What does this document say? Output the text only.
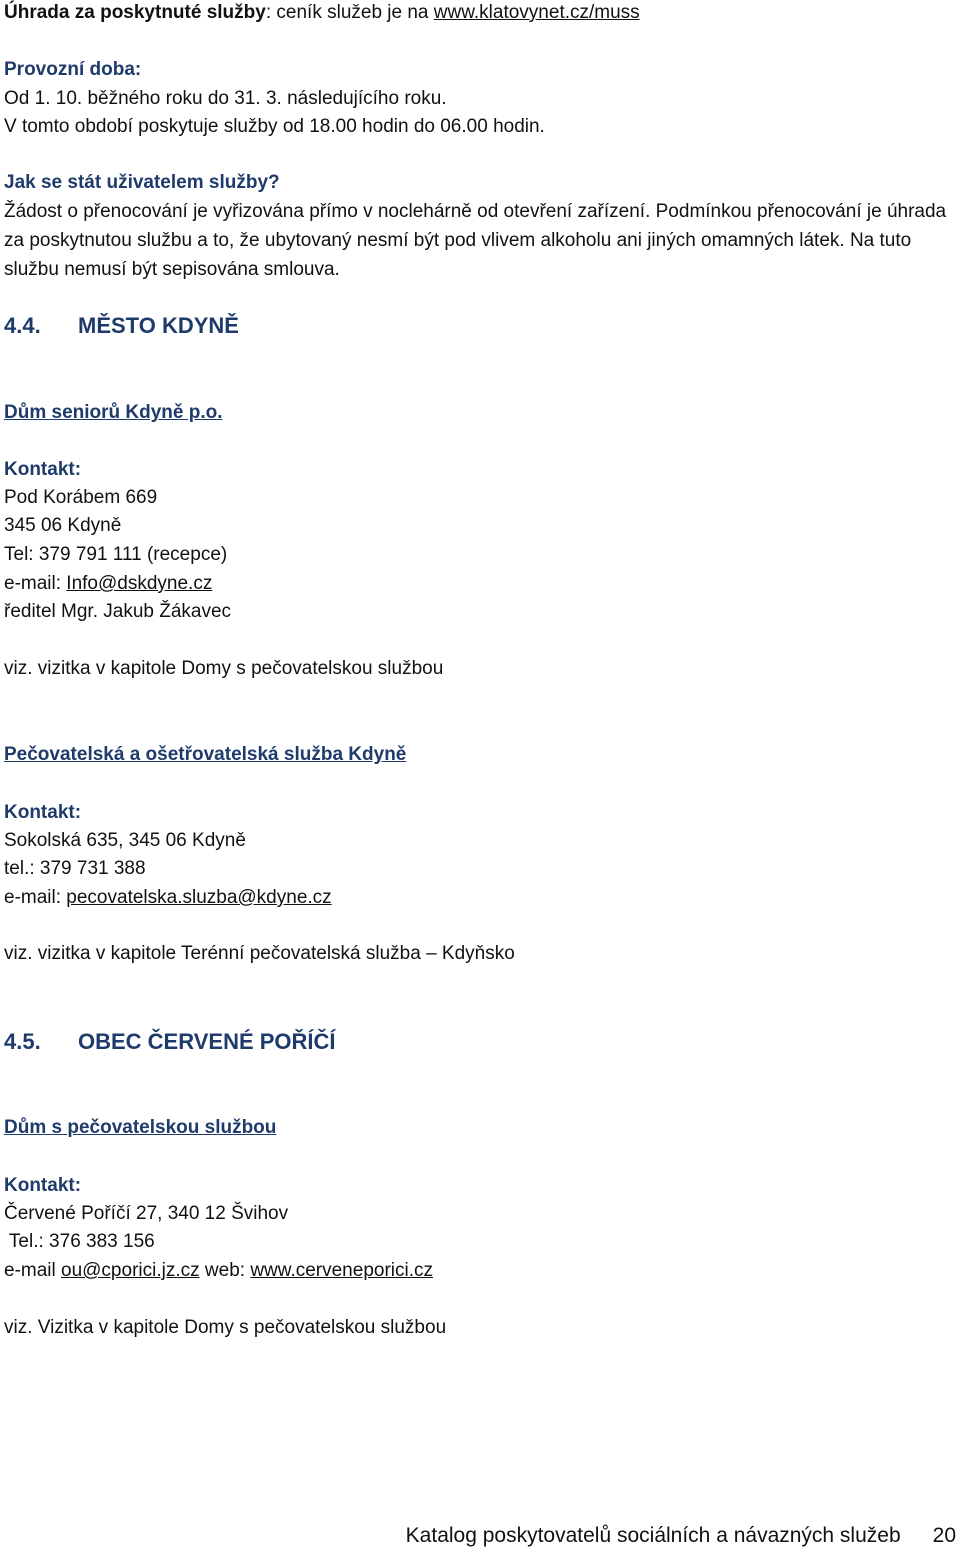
Úhrada za poskytnuté služby: ceník služeb je na www.klatovynet.cz/muss
Provozní doba:
Od 1. 10. běžného roku do 31. 3. následujícího roku.
V tomto období poskytuje služby od 18.00 hodin do 06.00 hodin.
Jak se stát uživatelem služby?
Žádost o přenocování je vyřizována přímo v noclehárně od otevření zařízení. Podmínkou přenocování je úhrada za poskytnutou službu a to, že ubytovaný nesmí být pod vlivem alkoholu ani jiných omamných látek. Na tuto službu nemusí být sepisována smlouva.
4.4. MĚSTO KDYNĚ
Dům seniorů Kdyně p.o.
Kontakt:
Pod Korábem 669
345 06 Kdyně
Tel: 379 791 111 (recepce)
e-mail: Info@dskdyne.cz
ředitel Mgr. Jakub Žákavec
viz. vizitka v kapitole Domy s pečovatelskou službou
Pečovatelská a ošetřovatelská služba Kdyně
Kontakt:
Sokolská 635, 345 06 Kdyně
tel.: 379 731 388
e-mail: pecovatelska.sluzba@kdyne.cz
viz. vizitka v kapitole Terénní pečovatelská služba – Kdyňsko
4.5. OBEC ČERVENÉ POŘÍČÍ
Dům s pečovatelskou službou
Kontakt:
Červené Poříčí 27, 340 12 Švihov
Tel.: 376 383 156
e-mail ou@cporici.jz.cz web: www.cerveneporici.cz
viz. Vizitka v kapitole Domy s pečovatelskou službou
Katalog poskytovatelů sociálních a návazných služeb 20
